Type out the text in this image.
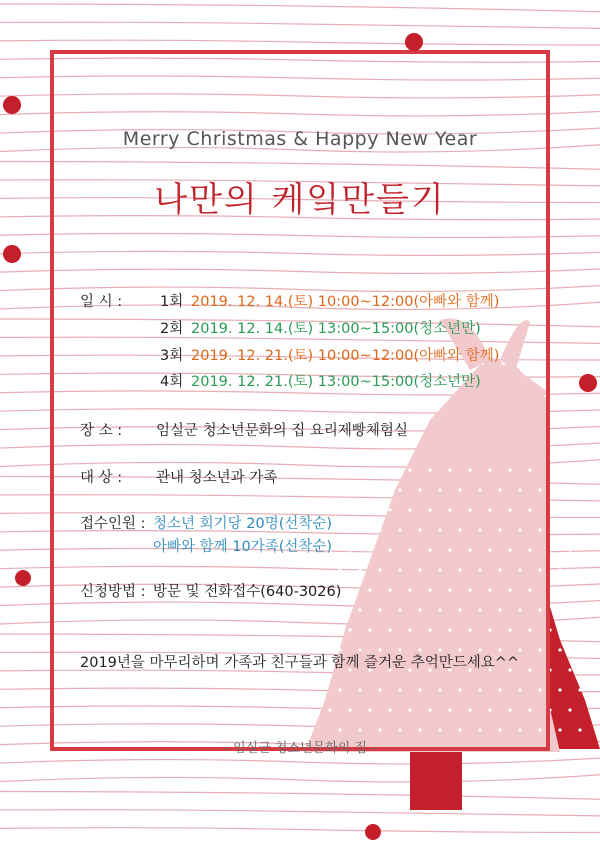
Merry Christmas & Happy New Year
나만의 케잌만들기
일 시 :	1회 2019. 12. 14.(토) 10:00~12:00(아빠와 함께)
2회 2019. 12. 14.(토) 13:00~15:00(청소년만)
3회 2019. 12. 21.(토) 10:00~12:00(아빠와 함께)
4회 2019. 12. 21.(토) 13:00~15:00(청소년만)
장 소 : 임실군 청소년문화의 집 요리제빵체험실
대 상 : 관내 청소년과 가족
접수인원 : 청소년 회기당 20명(선착순)
아빠와 함께 10가족(선착순)
신청방법 : 방문 및 전화접수(640-3026)
2019년을 마무리하며 가족과 친구들과 함께 즐거운 추억만드세요^^
- 임실군 청소년문화의 집 -
